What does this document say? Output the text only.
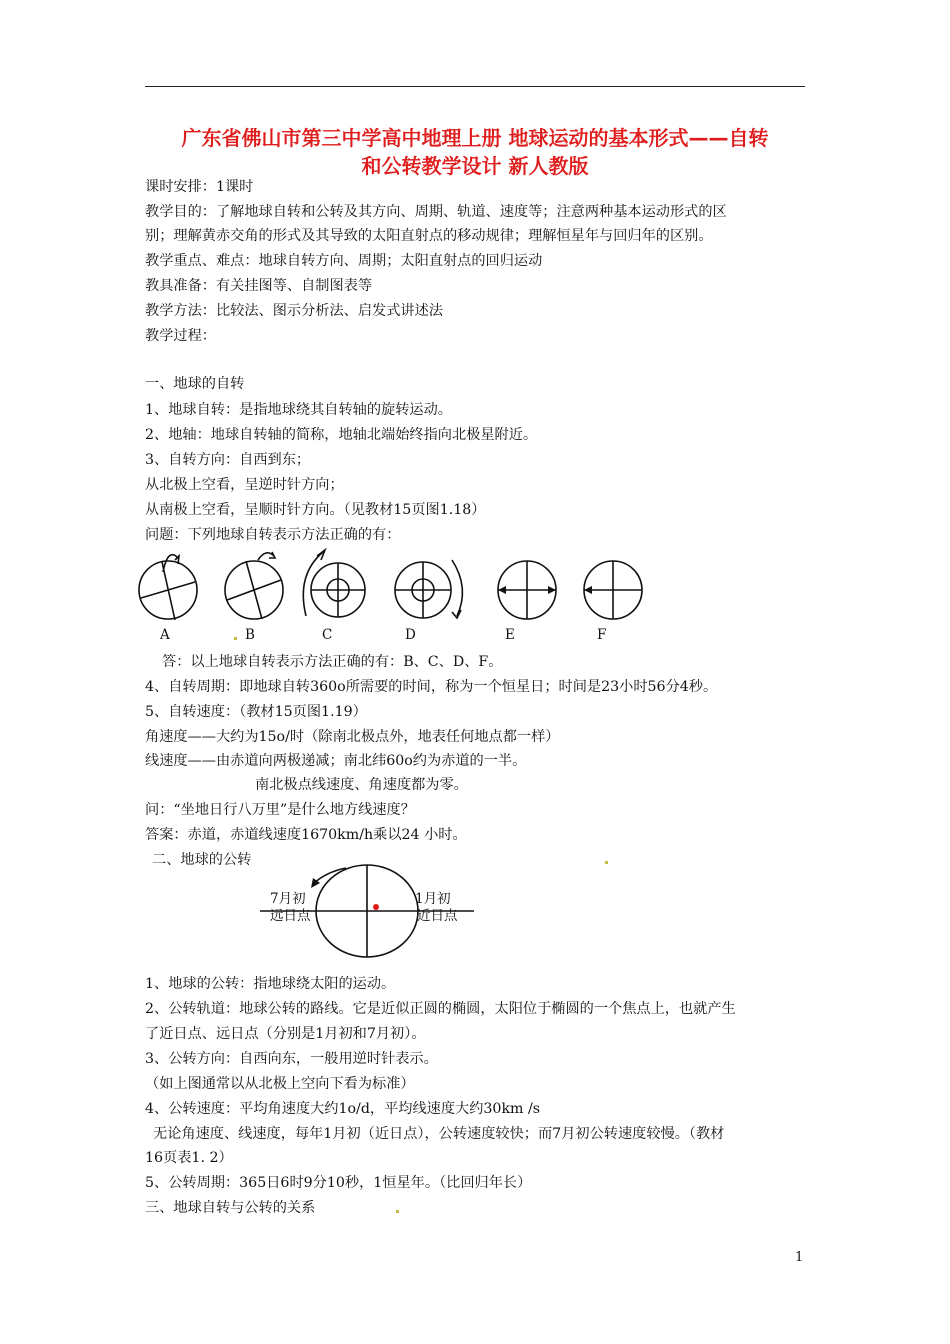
广东省佛山市第三中学高中地理上册 地球运动的基本形式——自转
和公转教学设计 新人教版
课时安排：1课时
教学目的：了解地球自转和公转及其方向、周期、轨道、速度等；注意两种基本运动形式的区
别；理解黄赤交角的形式及其导致的太阳直射点的移动规律；理解恒星年与回归年的区别。
教学重点、难点：地球自转方向、周期；太阳直射点的回归运动
教具准备：有关挂图等、自制图表等
教学方法：比较法、图示分析法、启发式讲述法
教学过程：
一、地球的自转
1、地球自转：是指地球绕其自转轴的旋转运动。
2、地轴：地球自转轴的简称，地轴北端始终指向北极星附近。
3、自转方向：自西到东；
从北极上空看，呈逆时针方向；
从南极上空看，呈顺时针方向。（见教材15页图1.18）
问题：下列地球自转表示方法正确的有：
A	B	C	D	E	F
答：以上地球自转表示方法正确的有：B、C、D、F。
4、自转周期：即地球自转360o所需要的时间，称为一个恒星日；时间是23小时56分4秒。
5、自转速度：（教材15页图1.19）
角速度——大约为15o/时（除南北极点外，地表任何地点都一样）
线速度——由赤道向两极递减；南北纬60o约为赤道的一半。
南北极点线速度、角速度都为零。
问：“坐地日行八万里”是什么地方线速度？
答案：赤道，赤道线速度1670km/h乘以24 小时。
二、地球的公转
7月初
远日点
1月初
近日点
1、地球的公转：指地球绕太阳的运动。
2、公转轨道：地球公转的路线。它是近似正圆的椭圆，太阳位于椭圆的一个焦点上，也就产生
了近日点、远日点（分别是1月初和7月初）。
3、公转方向：自西向东，一般用逆时针表示。
（如上图通常以从北极上空向下看为标准）
4、公转速度：平均角速度大约1o/d，平均线速度大约30km /s
无论角速度、线速度，每年1月初（近日点），公转速度较快；而7月初公转速度较慢。（教材
16页表1. 2）
5、公转周期：365日6时9分10秒，1恒星年。（比回归年长）
三、地球自转与公转的关系
1
